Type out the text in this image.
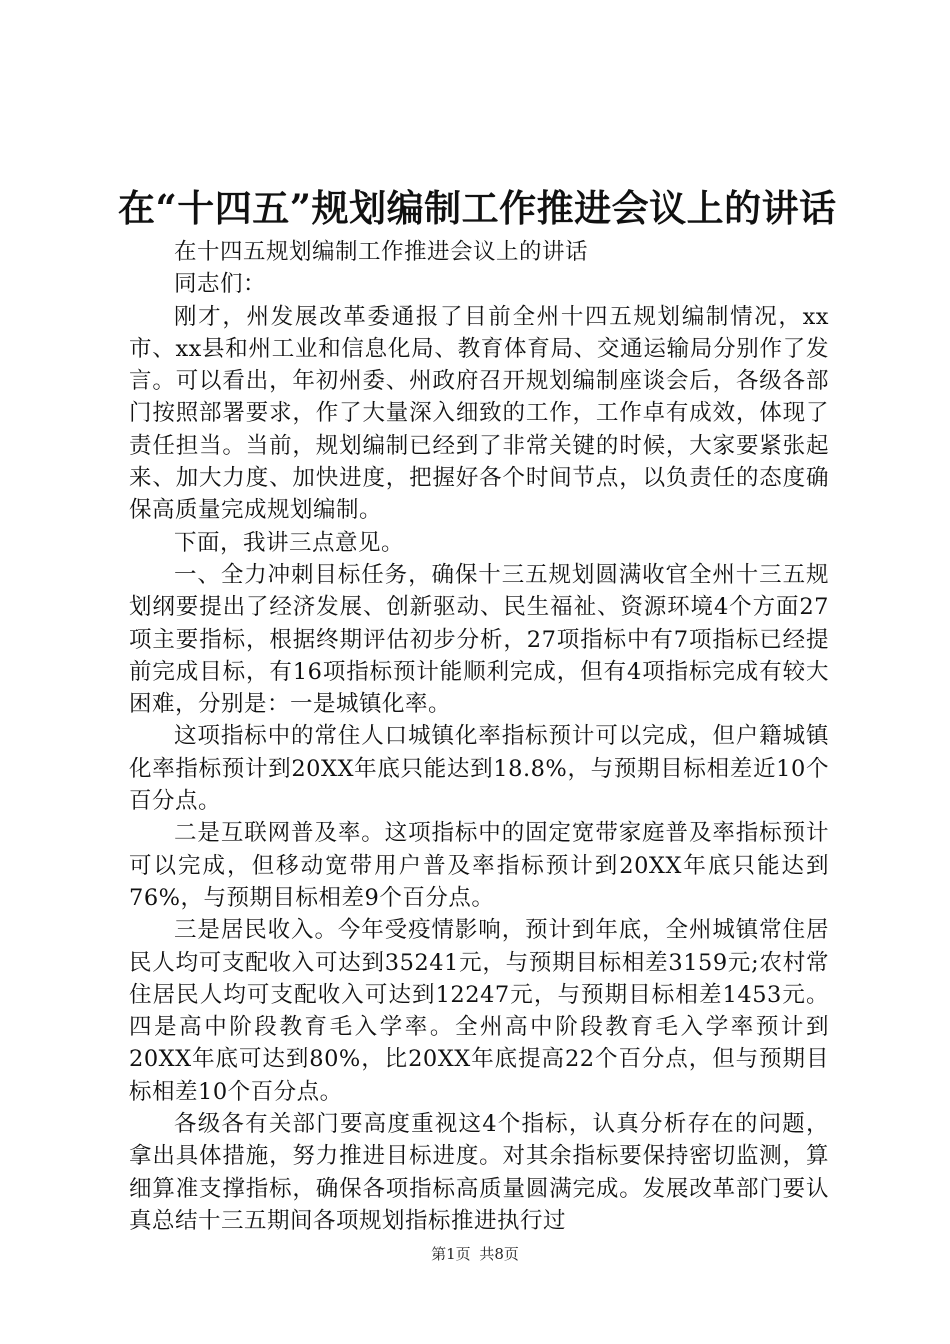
在“十四五”规划编制工作推进会议上的讲话

在十四五规划编制工作推进会议上的讲话

同志们：

刚才，州发展改革委通报了目前全州十四五规划编制情况，xx市、xx县和州工业和信息化局、教育体育局、交通运输局分别作了发言。可以看出，年初州委、州政府召开规划编制座谈会后，各级各部门按照部署要求，作了大量深入细致的工作，工作卓有成效，体现了责任担当。当前，规划编制已经到了非常关键的时候，大家要紧张起来、加大力度、加快进度，把握好各个时间节点，以负责任的态度确保高质量完成规划编制。

下面，我讲三点意见。

一、全力冲刺目标任务，确保十三五规划圆满收官全州十三五规划纲要提出了经济发展、创新驱动、民生福祉、资源环境4个方面27项主要指标，根据终期评估初步分析，27项指标中有7项指标已经提前完成目标，有16项指标预计能顺利完成，但有4项指标完成有较大困难，分别是：一是城镇化率。

这项指标中的常住人口城镇化率指标预计可以完成，但户籍城镇化率指标预计到20XX年底只能达到18.8%，与预期目标相差近10个百分点。

二是互联网普及率。这项指标中的固定宽带家庭普及率指标预计可以完成，但移动宽带用户普及率指标预计到20XX年底只能达到76%，与预期目标相差9个百分点。

三是居民收入。今年受疫情影响，预计到年底，全州城镇常住居民人均可支配收入可达到35241元，与预期目标相差3159元;农村常住居民人均可支配收入可达到12247元，与预期目标相差1453元。四是高中阶段教育毛入学率。全州高中阶段教育毛入学率预计到20XX年底可达到80%，比20XX年底提高22个百分点，但与预期目标相差10个百分点。

各级各有关部门要高度重视这4个指标，认真分析存在的问题，拿出具体措施，努力推进目标进度。对其余指标要保持密切监测，算细算准支撑指标，确保各项指标高质量圆满完成。发展改革部门要认真总结十三五期间各项规划指标推进执行过

第1页 共8页
